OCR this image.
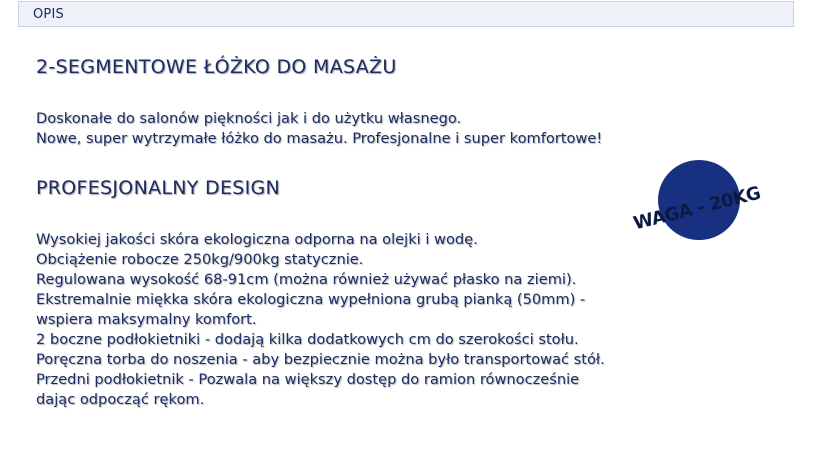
OPIS
2-SEGMENTOWE ŁÓŻKO DO MASAŻU
Doskonałe do salonów piękności jak i do użytku własnego.
Nowe, super wytrzymałe łóżko do masażu. Profesjonalne i super komfortowe!
PROFESJONALNY DESIGN	WAGA - 20KG
Wysokiej jakości skóra ekologiczna odporna na olejki i wodę.
Obciążenie robocze 250kg/900kg statycznie.
Regulowana wysokość 68-91cm (można również używać płasko na ziemi).
Ekstremalnie miękka skóra ekologiczna wypełniona grubą pianką (50mm) -
wspiera maksymalny komfort.
2 boczne podłokietniki - dodają kilka dodatkowych cm do szerokości stołu.
Poręczna torba do noszenia - aby bezpiecznie można było transportować stół.
Przedni podłokietnik - Pozwala na większy dostęp do ramion równocześnie
dając odpocząć rękom.
